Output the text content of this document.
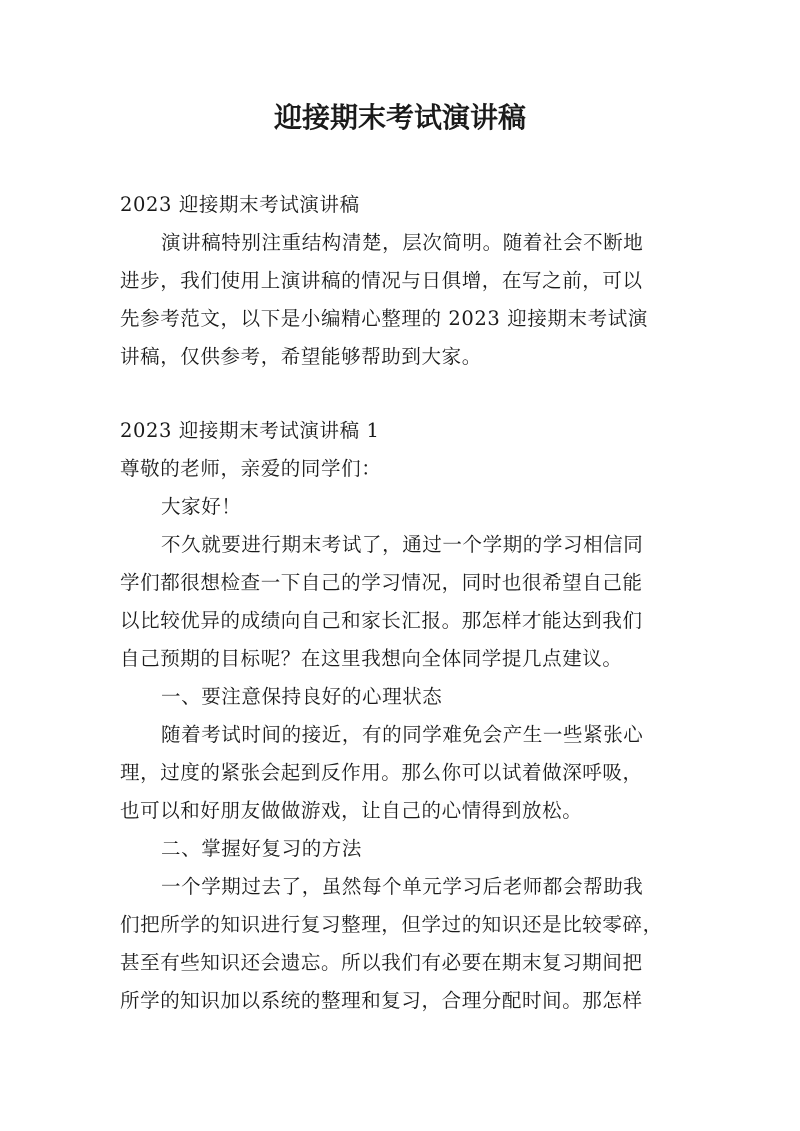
迎接期末考试演讲稿
2023 迎接期末考试演讲稿
演讲稿特别注重结构清楚，层次简明。随着社会不断地
进步，我们使用上演讲稿的情况与日俱增，在写之前，可以
先参考范文，以下是小编精心整理的 2023 迎接期末考试演
讲稿，仅供参考，希望能够帮助到大家。
2023 迎接期末考试演讲稿 1
尊敬的老师，亲爱的同学们：
大家好！
不久就要进行期末考试了，通过一个学期的学习相信同
学们都很想检查一下自己的学习情况，同时也很希望自己能
以比较优异的成绩向自己和家长汇报。那怎样才能达到我们
自己预期的目标呢？在这里我想向全体同学提几点建议。
一、要注意保持良好的心理状态
随着考试时间的接近，有的同学难免会产生一些紧张心
理，过度的紧张会起到反作用。那么你可以试着做深呼吸，
也可以和好朋友做做游戏，让自己的心情得到放松。
二、掌握好复习的方法
一个学期过去了，虽然每个单元学习后老师都会帮助我
们把所学的知识进行复习整理，但学过的知识还是比较零碎，
甚至有些知识还会遗忘。所以我们有必要在期末复习期间把
所学的知识加以系统的整理和复习，合理分配时间。那怎样
